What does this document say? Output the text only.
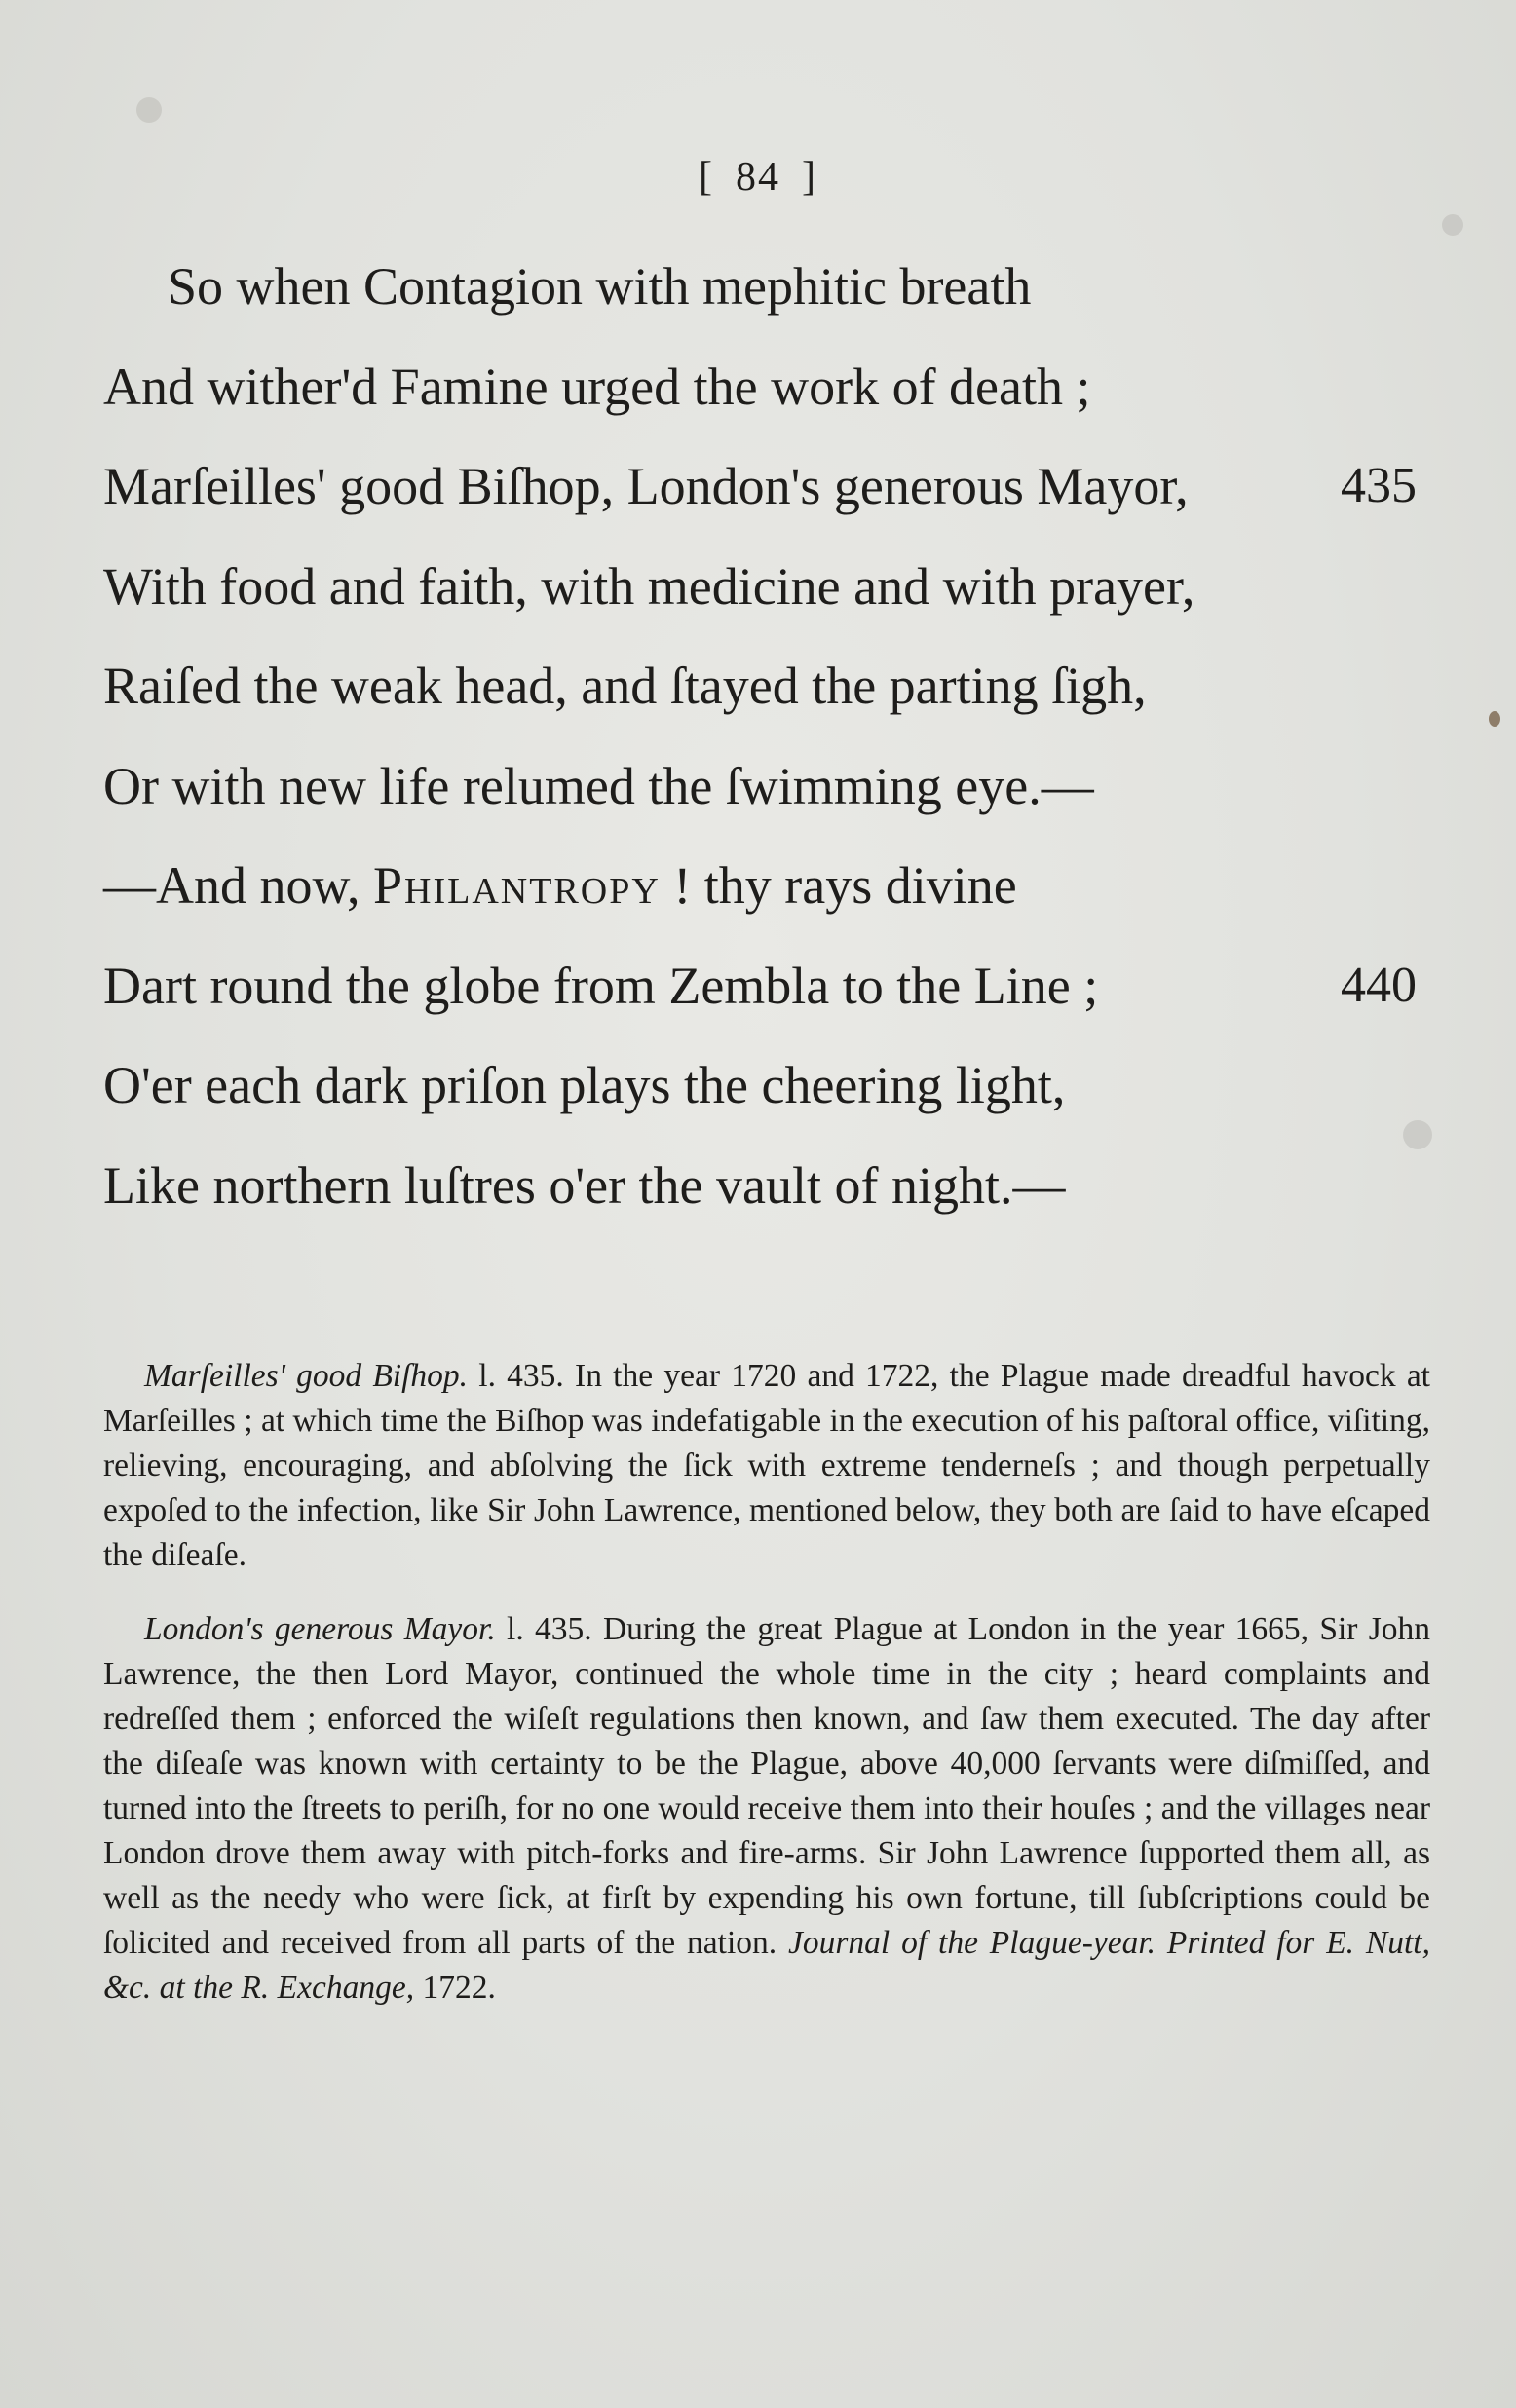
[ 84 ]
So when Contagion with mephitic breath
And wither'd Famine urged the work of death ;
Marſeilles' good Biſhop, London's generous Mayor,	435
With food and faith, with medicine and with prayer,
Raiſed the weak head, and ſtayed the parting ſigh,
Or with new life relumed the ſwimming eye.—
—And now, Philantropy ! thy rays divine
Dart round the globe from Zembla to the Line ;	440
O'er each dark priſon plays the cheering light,
Like northern luſtres o'er the vault of night.—

Marſeilles' good Biſhop. l. 435. In the year 1720 and 1722, the Plague made dreadful havock at Marſeilles ; at which time the Biſhop was indefatigable in the execution of his paſtoral office, viſiting, relieving, encouraging, and abſolving the ſick with extreme tenderneſs ; and though perpetually expoſed to the infection, like Sir John Lawrence, mentioned below, they both are ſaid to have eſcaped the diſeaſe.

London's generous Mayor. l. 435. During the great Plague at London in the year 1665, Sir John Lawrence, the then Lord Mayor, continued the whole time in the city ; heard complaints and redreſſed them ; enforced the wiſeſt regulations then known, and ſaw them executed. The day after the diſeaſe was known with certainty to be the Plague, above 40,000 ſervants were diſmiſſed, and turned into the ſtreets to periſh, for no one would receive them into their houſes ; and the villages near London drove them away with pitch-forks and fire-arms. Sir John Lawrence ſupported them all, as well as the needy who were ſick, at firſt by expending his own fortune, till ſubſcriptions could be ſolicited and received from all parts of the nation. Journal of the Plague-year. Printed for E. Nutt, &c. at the R. Exchange, 1722.
